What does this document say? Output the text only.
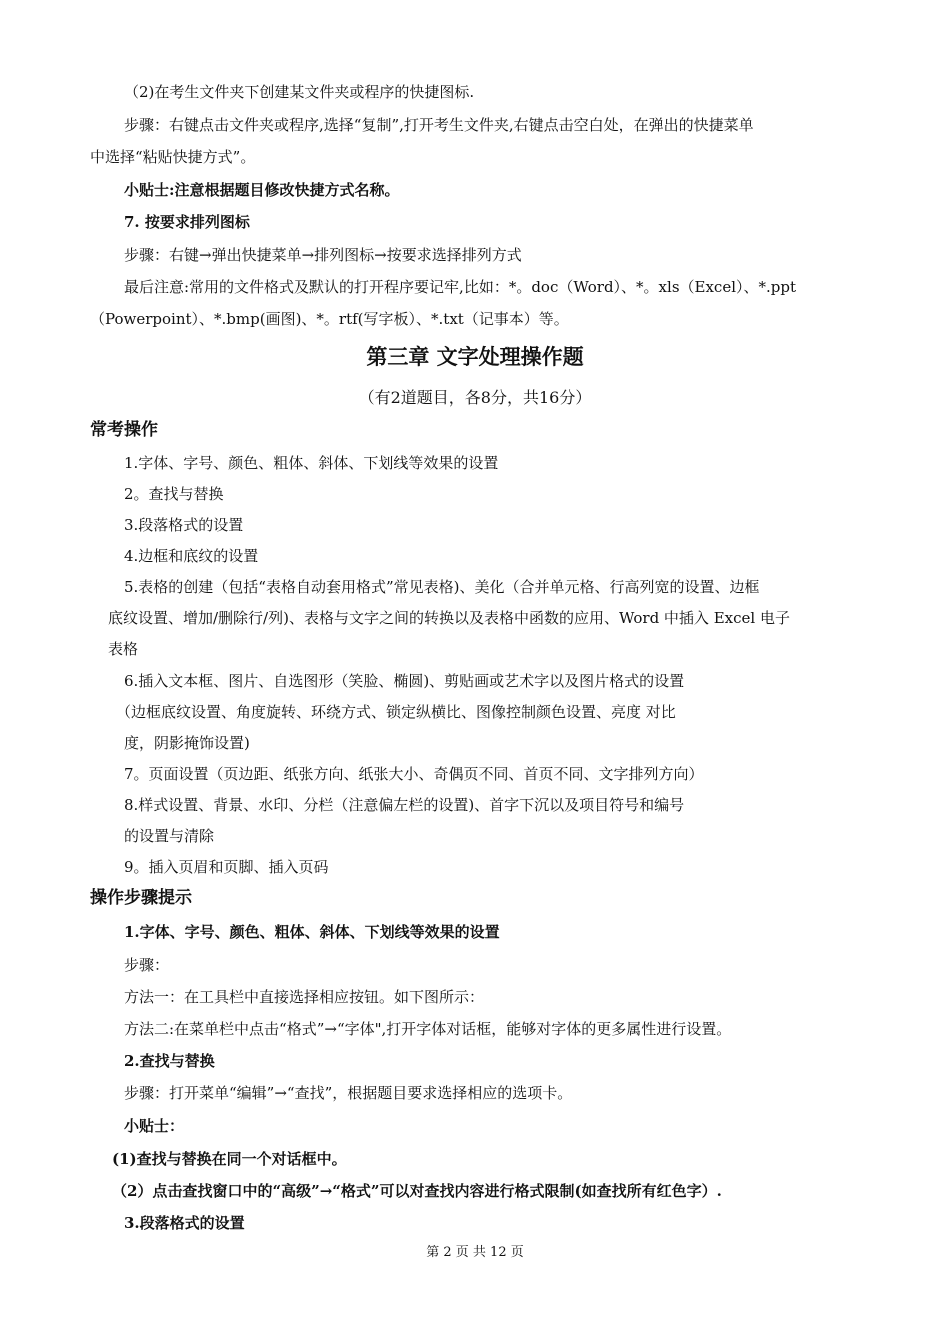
（2)在考生文件夹下创建某文件夹或程序的快捷图标.
步骤：右键点击文件夹或程序,选择“复制”,打开考生文件夹,右键点击空白处，在弹出的快捷菜单
中选择“粘贴快捷方式”。
小贴士:注意根据题目修改快捷方式名称。
7. 按要求排列图标
步骤：右键→弹出快捷菜单→排列图标→按要求选择排列方式
最后注意:常用的文件格式及默认的打开程序要记牢,比如：*。doc（Word）、*。xls（Excel）、*.ppt
（Powerpoint）、*.bmp(画图)、*。rtf(写字板）、*.txt（记事本）等。
第三章 文字处理操作题
（有2道题目，各8分，共16分）
常考操作
1.字体、字号、颜色、粗体、斜体、下划线等效果的设置
2。查找与替换
3.段落格式的设置
4.边框和底纹的设置
5.表格的创建（包括“表格自动套用格式”常见表格)、美化（合并单元格、行高列宽的设置、边框
底纹设置、增加/删除行/列)、表格与文字之间的转换以及表格中函数的应用、Word 中插入 Excel 电子
表格
6.插入文本框、图片、自选图形（笑脸、椭圆)、剪贴画或艺术字以及图片格式的设置
（边框底纹设置、角度旋转、环绕方式、锁定纵横比、图像控制颜色设置、亮度 对比
度，阴影掩饰设置)
7。页面设置（页边距、纸张方向、纸张大小、奇偶页不同、首页不同、文字排列方向）
8.样式设置、背景、水印、分栏（注意偏左栏的设置)、首字下沉以及项目符号和编号
的设置与清除
9。插入页眉和页脚、插入页码
操作步骤提示
1.字体、字号、颜色、粗体、斜体、下划线等效果的设置
步骤：
方法一：在工具栏中直接选择相应按钮。如下图所示：
方法二:在菜单栏中点击“格式”→“字体",打开字体对话框，能够对字体的更多属性进行设置。
2.查找与替换
步骤：打开菜单“编辑”→“查找”，根据题目要求选择相应的选项卡。
小贴士：
(1)查找与替换在同一个对话框中。
（2）点击查找窗口中的“高级”→“格式”可以对查找内容进行格式限制(如查找所有红色字）.
3.段落格式的设置
第 2 页 共 12 页
